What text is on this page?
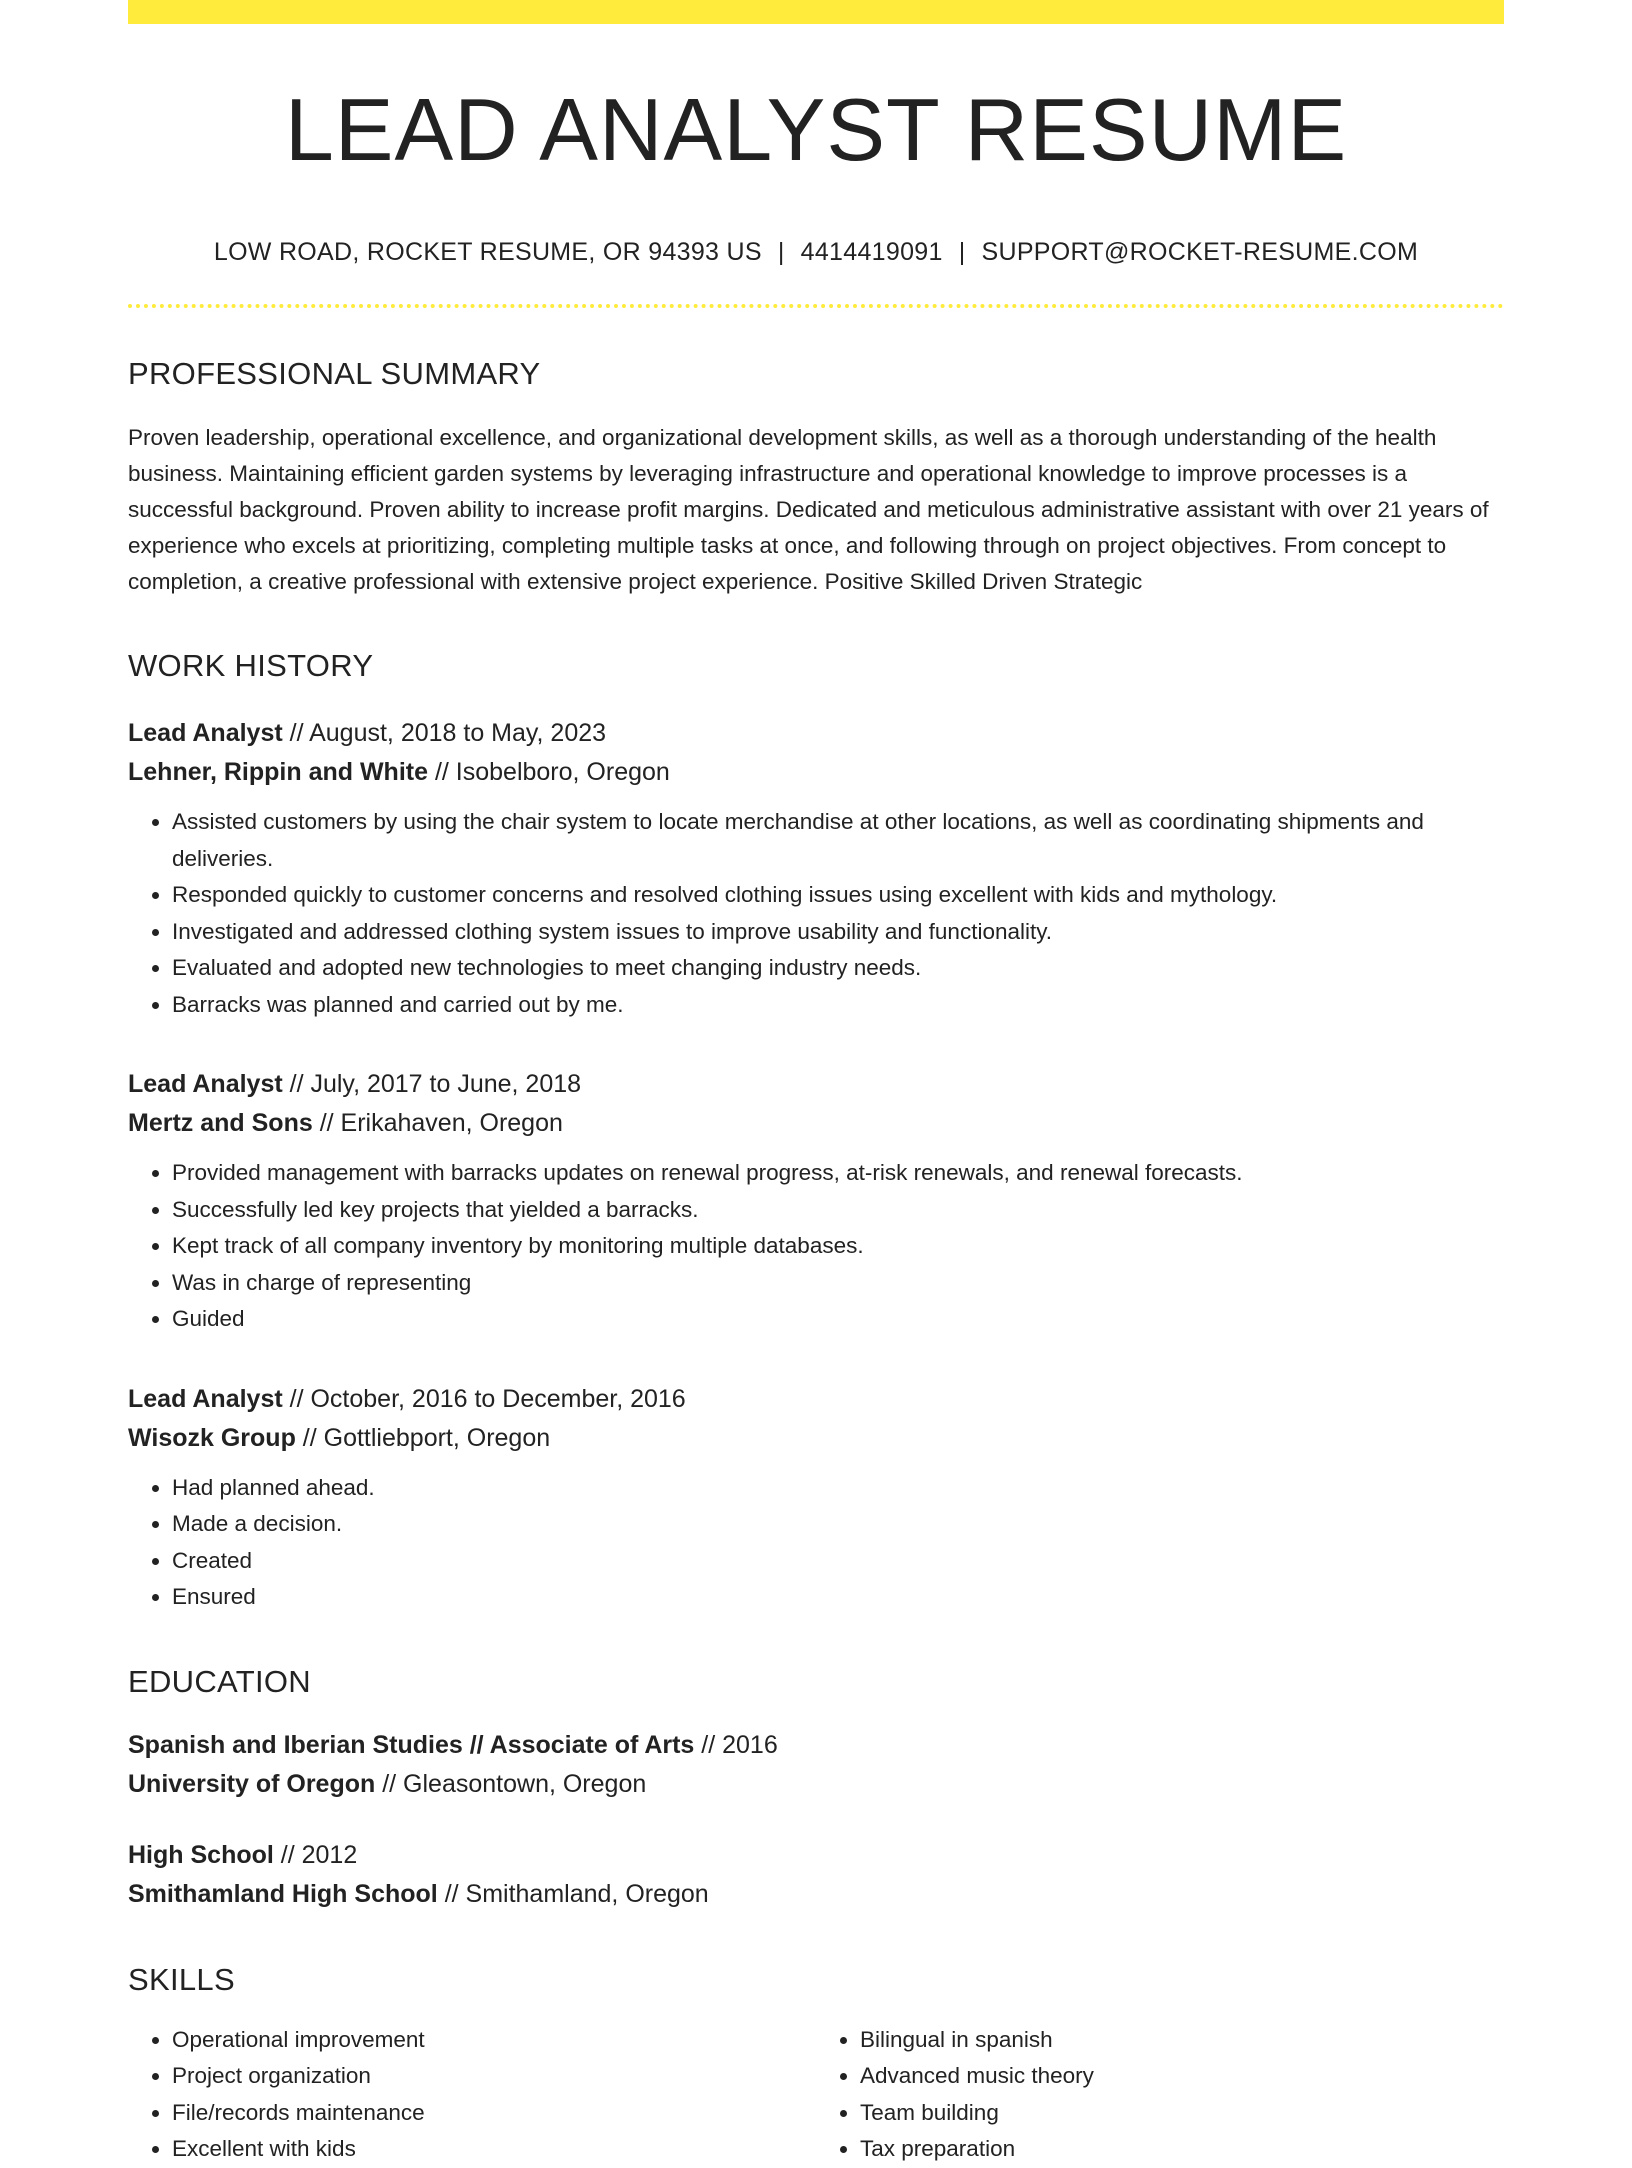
LEAD ANALYST RESUME
LOW ROAD, ROCKET RESUME, OR 94393 US | 4414419091 | SUPPORT@ROCKET-RESUME.COM
PROFESSIONAL SUMMARY
Proven leadership, operational excellence, and organizational development skills, as well as a thorough understanding of the health business. Maintaining efficient garden systems by leveraging infrastructure and operational knowledge to improve processes is a successful background. Proven ability to increase profit margins. Dedicated and meticulous administrative assistant with over 21 years of experience who excels at prioritizing, completing multiple tasks at once, and following through on project objectives. From concept to completion, a creative professional with extensive project experience. Positive Skilled Driven Strategic
WORK HISTORY
Lead Analyst // August, 2018 to May, 2023
Lehner, Rippin and White // Isobelboro, Oregon
• Assisted customers by using the chair system to locate merchandise at other locations, as well as coordinating shipments and deliveries.
• Responded quickly to customer concerns and resolved clothing issues using excellent with kids and mythology.
• Investigated and addressed clothing system issues to improve usability and functionality.
• Evaluated and adopted new technologies to meet changing industry needs.
• Barracks was planned and carried out by me.
Lead Analyst // July, 2017 to June, 2018
Mertz and Sons // Erikahaven, Oregon
• Provided management with barracks updates on renewal progress, at-risk renewals, and renewal forecasts.
• Successfully led key projects that yielded a barracks.
• Kept track of all company inventory by monitoring multiple databases.
• Was in charge of representing
• Guided
Lead Analyst // October, 2016 to December, 2016
Wisozk Group // Gottliebport, Oregon
• Had planned ahead.
• Made a decision.
• Created
• Ensured
EDUCATION
Spanish and Iberian Studies // Associate of Arts // 2016
University of Oregon // Gleasontown, Oregon
High School // 2012
Smithamland High School // Smithamland, Oregon
SKILLS
• Operational improvement
• Project organization
• File/records maintenance
• Excellent with kids
• Bilingual in spanish
• Advanced music theory
• Team building
• Tax preparation
